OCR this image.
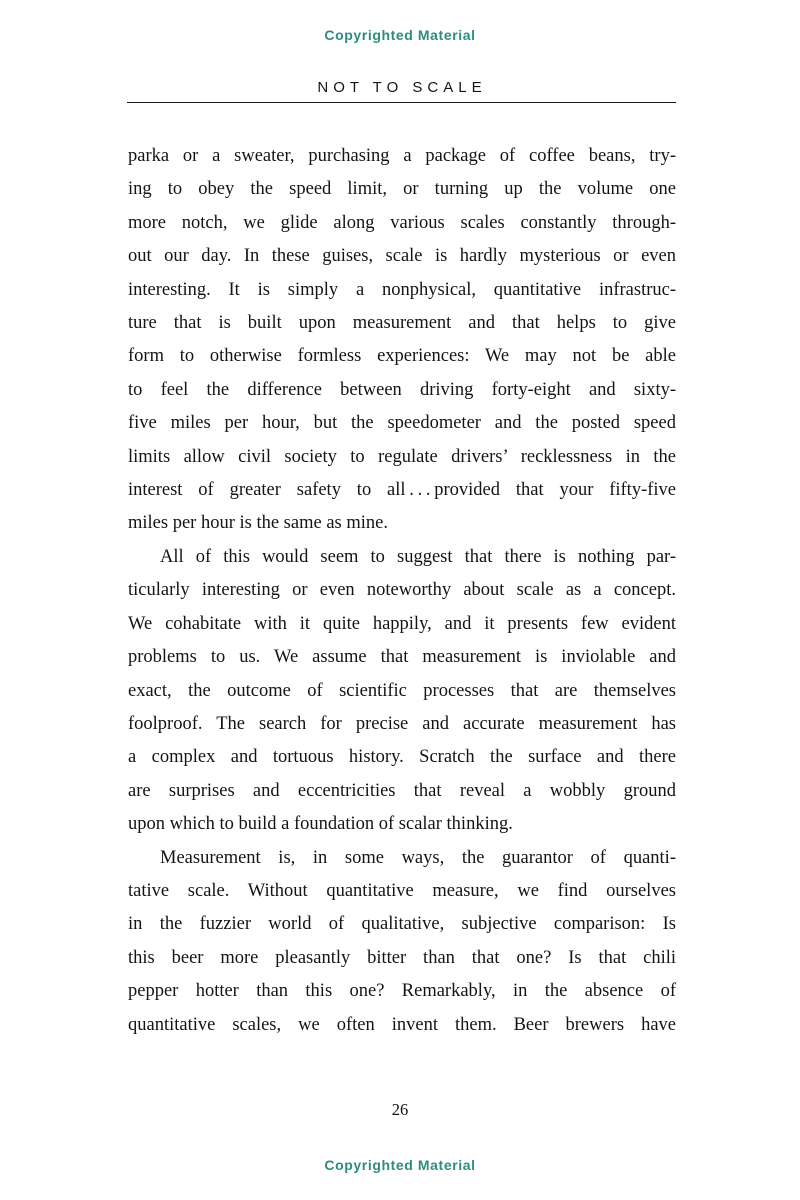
Copyrighted Material
NOT TO SCALE
parka or a sweater, purchasing a package of coffee beans, try-
ing to obey the speed limit, or turning up the volume one
more notch, we glide along various scales constantly through-
out our day. In these guises, scale is hardly mysterious or even
interesting. It is simply a nonphysical, quantitative infrastruc-
ture that is built upon measurement and that helps to give
form to otherwise formless experiences: We may not be able
to feel the difference between driving forty-eight and sixty-
five miles per hour, but the speedometer and the posted speed
limits allow civil society to regulate drivers’ recklessness in the
interest of greater safety to all . . . provided that your fifty-five
miles per hour is the same as mine.
All of this would seem to suggest that there is nothing par-
ticularly interesting or even noteworthy about scale as a concept.
We cohabitate with it quite happily, and it presents few evident
problems to us. We assume that measurement is inviolable and
exact, the outcome of scientific processes that are themselves
foolproof. The search for precise and accurate measurement has
a complex and tortuous history. Scratch the surface and there
are surprises and eccentricities that reveal a wobbly ground
upon which to build a foundation of scalar thinking.
Measurement is, in some ways, the guarantor of quanti-
tative scale. Without quantitative measure, we find ourselves
in the fuzzier world of qualitative, subjective comparison: Is
this beer more pleasantly bitter than that one? Is that chili
pepper hotter than this one? Remarkably, in the absence of
quantitative scales, we often invent them. Beer brewers have
26
Copyrighted Material
